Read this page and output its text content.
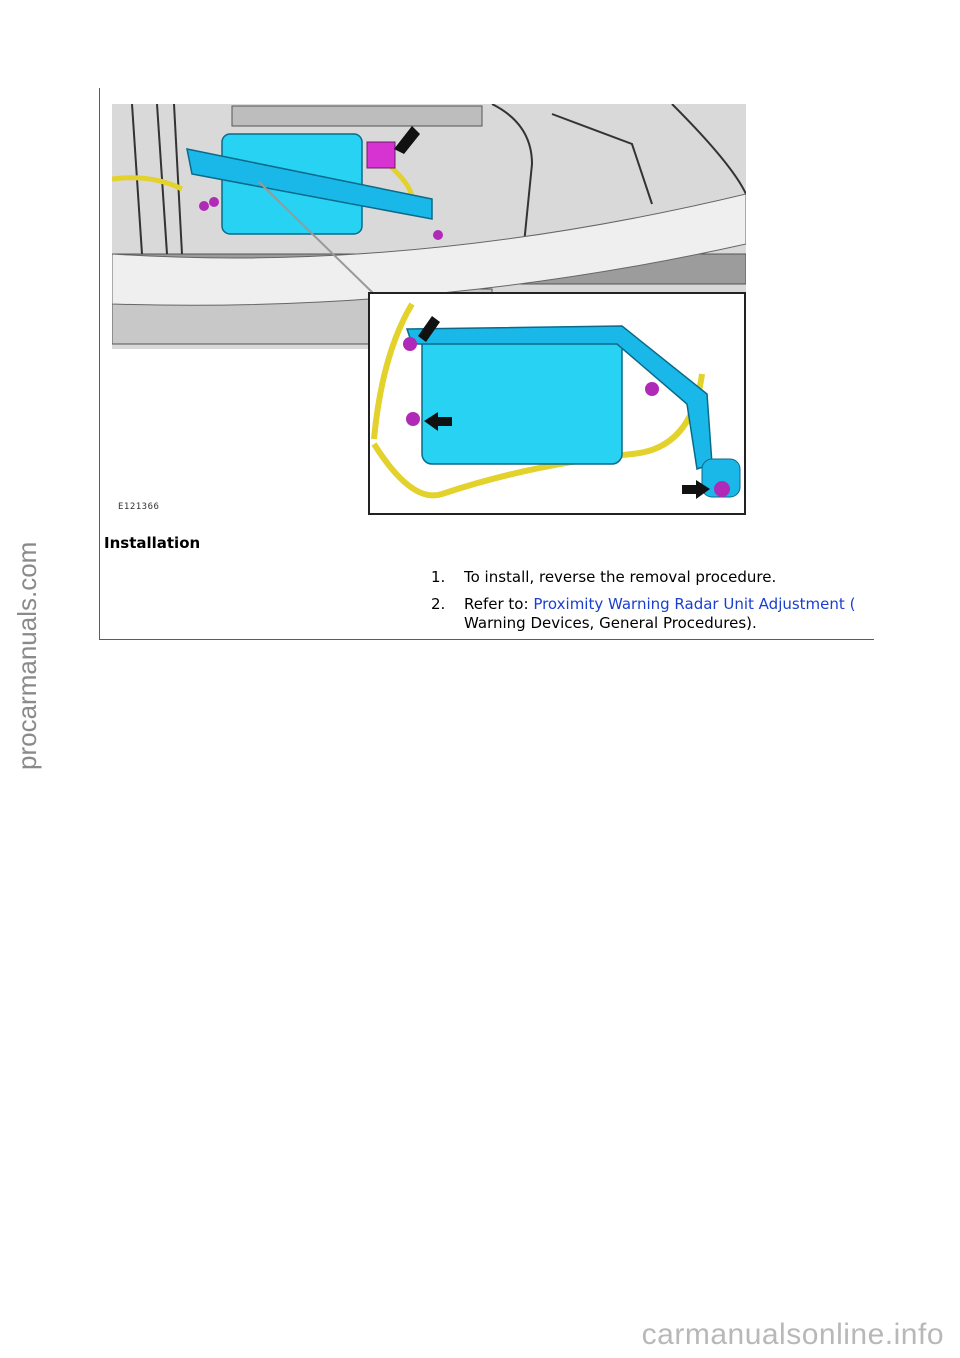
procarmanuals.com
carmanualsonline.info
E121366
Installation
1.	To install, reverse the removal procedure.
2.	Refer to: Proximity Warning Radar Unit Adjustment (
Warning Devices, General Procedures).
